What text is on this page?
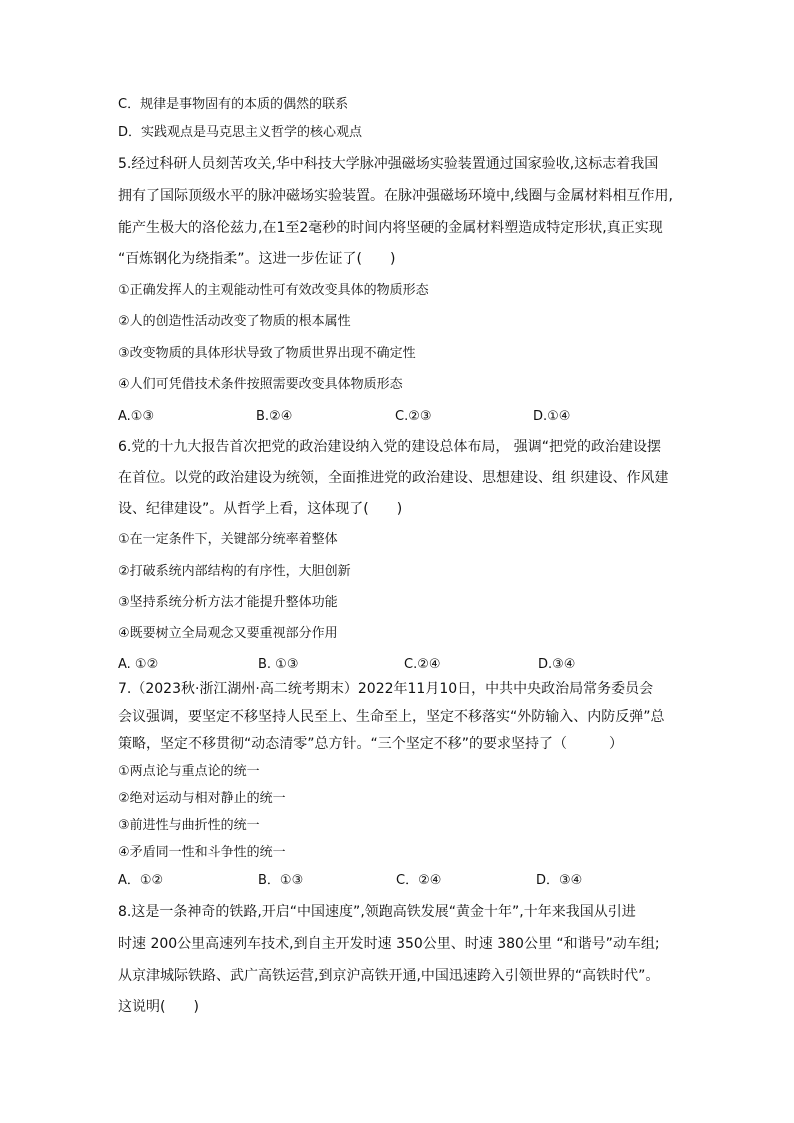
C．规律是事物固有的本质的偶然的联系
D．实践观点是马克思主义哲学的核心观点
5.经过科研人员刻苦攻关,华中科技大学脉冲强磁场实验装置通过国家验收,这标志着我国
拥有了国际顶级水平的脉冲磁场实验装置。在脉冲强磁场环境中,线圈与金属材料相互作用,
能产生极大的洛伦兹力,在1至2毫秒的时间内将坚硬的金属材料塑造成特定形状,真正实现
“百炼钢化为绕指柔”。这进一步佐证了(　　)
①正确发挥人的主观能动性可有效改变具体的物质形态
②人的创造性活动改变了物质的根本属性
③改变物质的具体形状导致了物质世界出现不确定性
④人们可凭借技术条件按照需要改变具体物质形态
A.①③	B.②④	C.②③	D.①④
6.党的十九大报告首次把党的政治建设纳入党的建设总体布局， 强调“把党的政治建设摆
在首位。以党的政治建设为统领，全面推进党的政治建设、思想建设、组 织建设、作风建
设、纪律建设”。从哲学上看，这体现了(　　)
①在一定条件下，关键部分统率着整体
②打破系统内部结构的有序性，大胆创新
③坚持系统分析方法才能提升整体功能
④既要树立全局观念又要重视部分作用
A. ①②	B. ①③	C.②④	D.③④
7.（2023秋·浙江湖州·高二统考期末）2022年11月10日，中共中央政治局常务委员会
会议强调，要坚定不移坚持人民至上、生命至上，坚定不移落实“外防输入、内防反弹”总
策略，坚定不移贯彻“动态清零”总方针。“三个坚定不移”的要求坚持了（　　　）
①两点论与重点论的统一
②绝对运动与相对静止的统一
③前进性与曲折性的统一
④矛盾同一性和斗争性的统一
A．①②	B．①③	C．②④	D．③④
8.这是一条神奇的铁路,开启“中国速度”,领跑高铁发展“黄金十年”,十年来我国从引进
时速 200公里高速列车技术,到自主开发时速 350公里、时速 380公里 “和谐号”动车组;
从京津城际铁路、武广高铁运营,到京沪高铁开通,中国迅速跨入引领世界的“高铁时代”。
这说明(　　)
